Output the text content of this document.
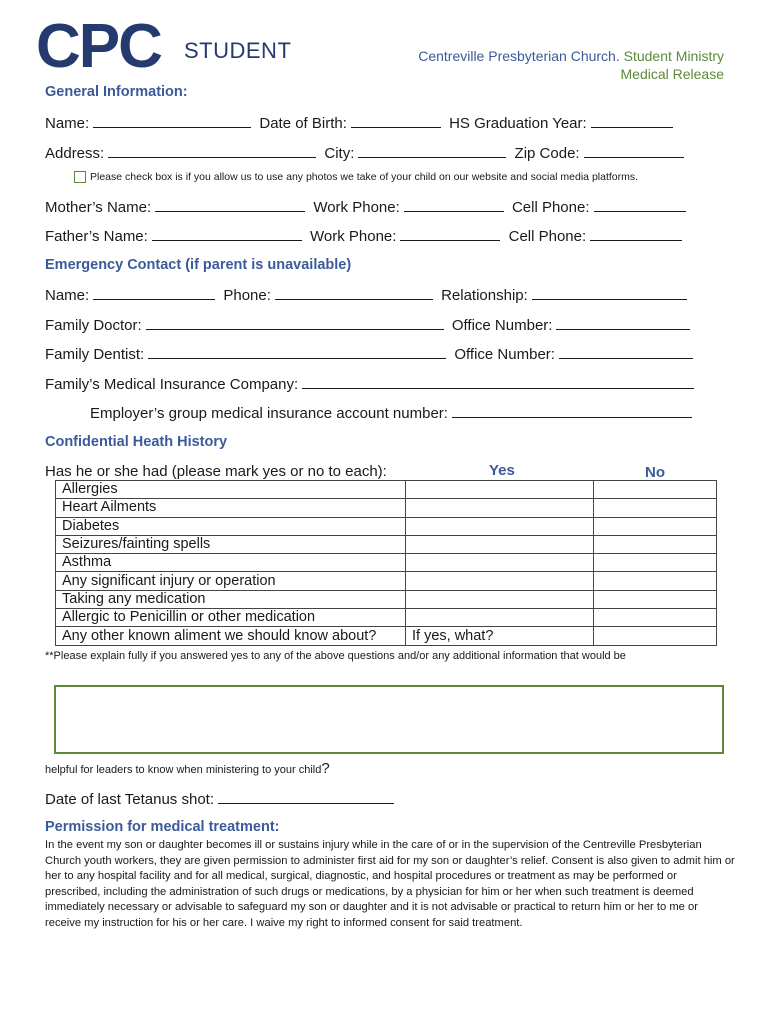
CPC STUDENT	Centreville Presbyterian Church. Student Ministry
Medical Release
General Information:
Name:	Date of Birth:	HS Graduation Year:
Address:	City:	Zip Code:
Please check box is if you allow us to use any photos we take of your child on our website and social media platforms.
Mother’s Name:	Work Phone:	Cell Phone:
Father’s Name:	Work Phone:	Cell Phone:
Emergency Contact (if parent is unavailable)
Name:	Phone:	Relationship:
Family Doctor:	Office Number:
Family Dentist:	Office Number:
Family’s Medical Insurance Company:
Employer’s group medical insurance account number:
Confidential Heath History
Has he or she had (please mark yes or no to each):	Yes	No
Allergies		
Heart Ailments		
Diabetes		
Seizures/fainting spells		
Asthma		
Any significant injury or operation		
Taking any medication		
Allergic to Penicillin or other medication		
Any other known aliment we should know about?	If yes, what?	
**Please explain fully if you answered yes to any of the above questions and/or any additional information that would be
helpful for leaders to know when ministering to your child?
Date of last Tetanus shot:
Permission for medical treatment:
In the event my son or daughter becomes ill or sustains injury while in the care of or in the supervision of the Centreville Presbyterian Church youth workers, they are given permission to administer first aid for my son or daughter’s relief. Consent is also given to admit him or her to any hospital facility and for all medical, surgical, diagnostic, and hospital procedures or treatment as may be performed or prescribed, including the administration of such drugs or medications, by a physician for him or her when such treatment is deemed immediately necessary or advisable to safeguard my son or daughter and it is not advisable or practical to return him or her to me or receive my instruction for his or her care. I waive my right to informed consent for said treatment.
